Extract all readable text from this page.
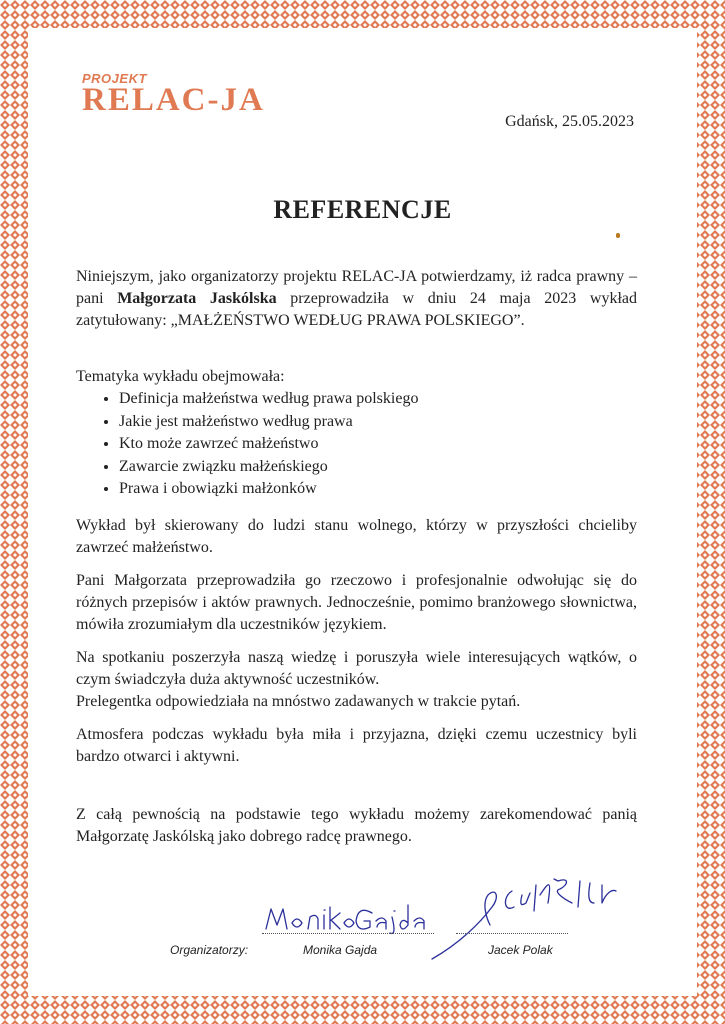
PROJEKT
RELAC-JA
Gdańsk, 25.05.2023
REFERENCJE

Niniejszym, jako organizatorzy projektu RELAC-JA potwierdzamy, iż radca prawny – pani Małgorzata Jaskólska przeprowadziła w dniu 24 maja 2023 wykład zatytułowany: „MAŁŻEŃSTWO WEDŁUG PRAWA POLSKIEGO”.

Tematyka wykładu obejmowała:

• Definicja małżeństwa według prawa polskiego
• Jakie jest małżeństwo według prawa
• Kto może zawrzeć małżeństwo
• Zawarcie związku małżeńskiego
• Prawa i obowiązki małżonków

Wykład był skierowany do ludzi stanu wolnego, którzy w przyszłości chcieliby zawrzeć małżeństwo.

Pani Małgorzata przeprowadziła go rzeczowo i profesjonalnie odwołując się do różnych przepisów i aktów prawnych. Jednocześnie, pomimo branżowego słownictwa, mówiła zrozumiałym dla uczestników językiem.

Na spotkaniu poszerzyła naszą wiedzę i poruszyła wiele interesujących wątków, o czym świadczyła duża aktywność uczestników.

Prelegentka odpowiedziała na mnóstwo zadawanych w trakcie pytań.

Atmosfera podczas wykładu była miła i przyjazna, dzięki czemu uczestnicy byli bardzo otwarci i aktywni.

Z całą pewnością na podstawie tego wykładu możemy zarekomendować panią Małgorzatę Jaskólską jako dobrego radcę prawnego.

Organizatorzy:	Monika Gajda	Jacek Polak
